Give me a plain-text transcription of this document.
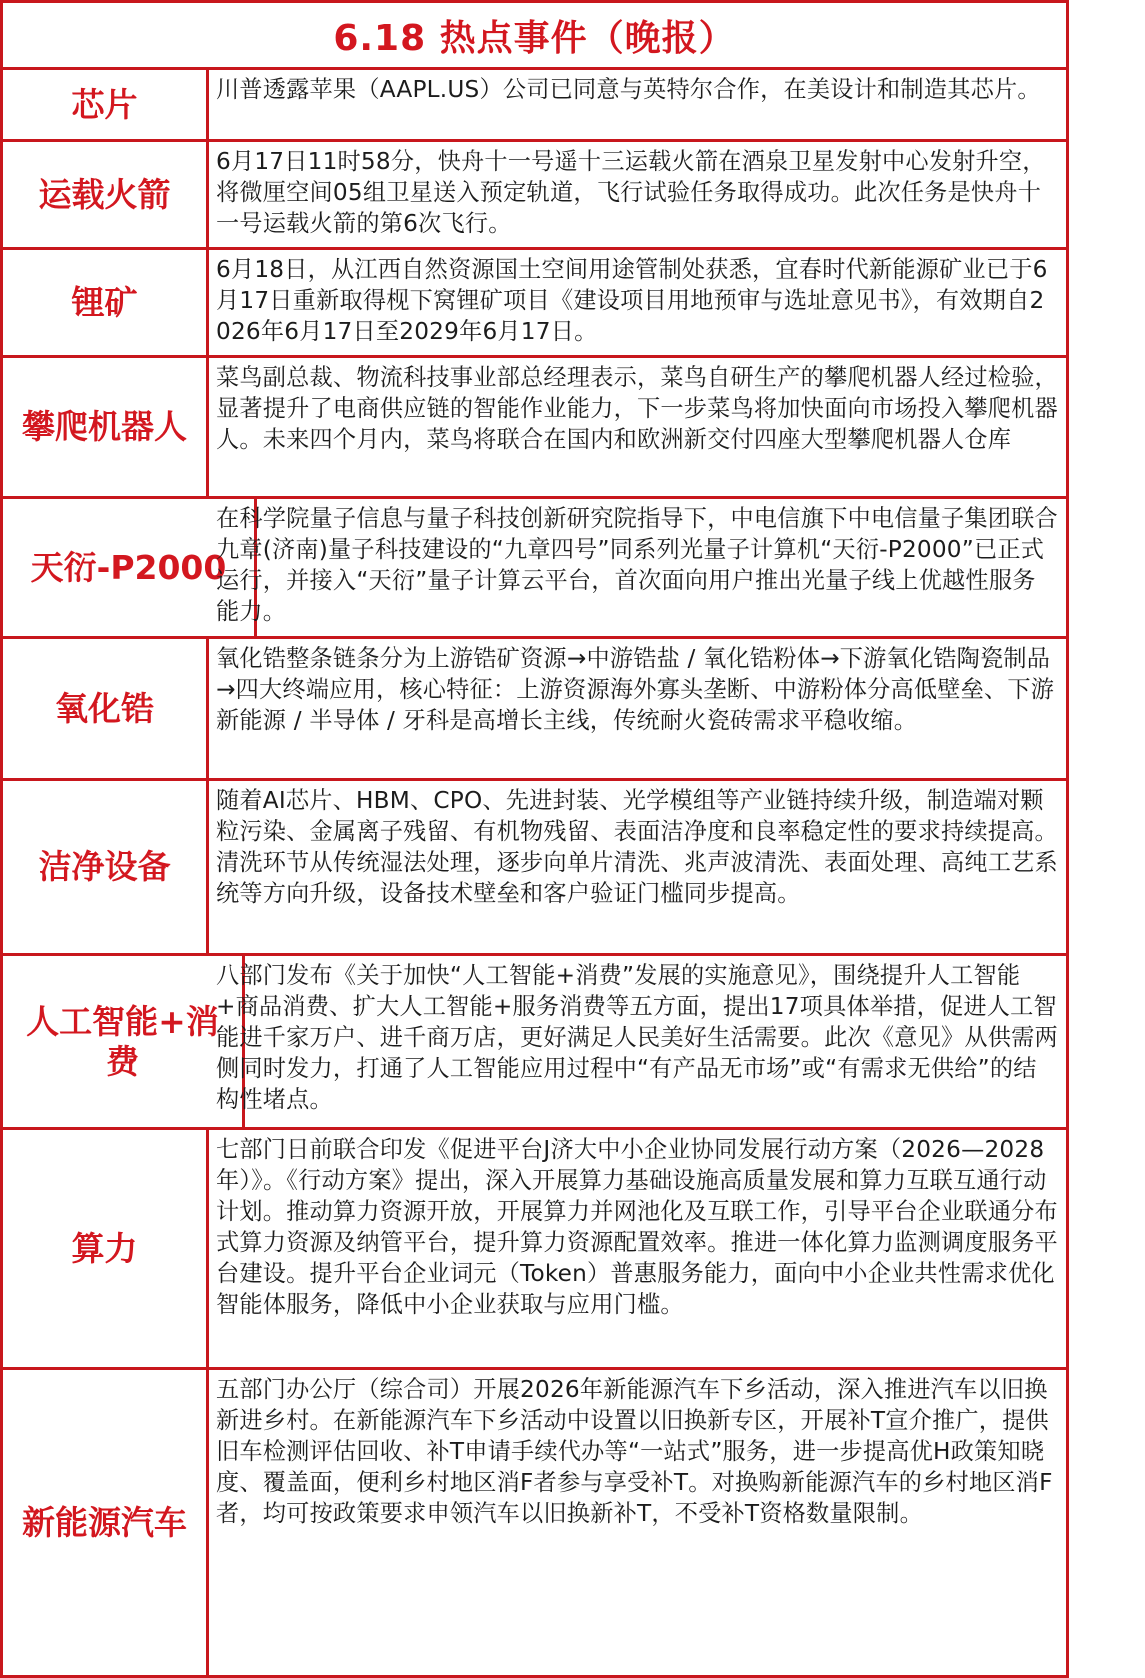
6.18 热点事件（晚报）
芯片	川普透露苹果（AAPL.US）公司已同意与英特尔合作，在美设计和制造其芯片。
运载火箭
6月17日11时58分，快舟十一号遥十三运载火箭在酒泉卫星发射中心发射升空，将微厘空间05组卫星送入预定轨道，飞行试验任务取得成功。此次任务是快舟十一号运载火箭的第6次飞行。
锂矿
6月18日，从江西自然资源国土空间用途管制处获悉，宜春时代新能源矿业已于6月17日重新取得枧下窝锂矿项目《建设项目用地预审与选址意见书》，有效期自2026年6月17日至2029年6月17日。
攀爬机器人
菜鸟副总裁、物流科技事业部总经理表示，菜鸟自研生产的攀爬机器人经过检验，显著提升了电商供应链的智能作业能力，下一步菜鸟将加快面向市场投入攀爬机器人。未来四个月内，菜鸟将联合在国内和欧洲新交付四座大型攀爬机器人仓库
天衍-P2000
在科学院量子信息与量子科技创新研究院指导下，中电信旗下中电信量子集团联合九章(济南)量子科技建设的“九章四号”同系列光量子计算机“天衍-P2000”已正式运行，并接入“天衍”量子计算云平台，首次面向用户推出光量子线上优越性服务能力。
氧化锆
氧化锆整条链条分为上游锆矿资源→中游锆盐 / 氧化锆粉体→下游氧化锆陶瓷制品→四大终端应用，核心特征：上游资源海外寡头垄断、中游粉体分高低壁垒、下游新能源 / 半导体 / 牙科是高增长主线，传统耐火瓷砖需求平稳收缩。
洁净设备
随着AI芯片、HBM、CPO、先进封装、光学模组等产业链持续升级，制造端对颗粒污染、金属离子残留、有机物残留、表面洁净度和良率稳定性的要求持续提高。清洗环节从传统湿法处理，逐步向单片清洗、兆声波清洗、表面处理、高纯工艺系统等方向升级，设备技术壁垒和客户验证门槛同步提高。
人工智能+消费
八部门发布《关于加快“人工智能+消费”发展的实施意见》，围绕提升人工智能+商品消费、扩大人工智能+服务消费等五方面，提出17项具体举措，促进人工智能进千家万户、进千商万店，更好满足人民美好生活需要。此次《意见》从供需两侧同时发力，打通了人工智能应用过程中“有产品无市场”或“有需求无供给”的结构性堵点。
算力
七部门日前联合印发《促进平台J济大中小企业协同发展行动方案（2026—2028年）》。《行动方案》提出，深入开展算力基础设施高质量发展和算力互联互通行动计划。推动算力资源开放，开展算力并网池化及互联工作，引导平台企业联通分布式算力资源及纳管平台，提升算力资源配置效率。推进一体化算力监测调度服务平台建设。提升平台企业词元（Token）普惠服务能力，面向中小企业共性需求优化智能体服务，降低中小企业获取与应用门槛。
新能源汽车
五部门办公厅（综合司）开展2026年新能源汽车下乡活动，深入推进汽车以旧换新进乡村。在新能源汽车下乡活动中设置以旧换新专区，开展补T宣介推广，提供旧车检测评估回收、补T申请手续代办等“一站式”服务，进一步提高优H政策知晓度、覆盖面，便利乡村地区消F者参与享受补T。对换购新能源汽车的乡村地区消F者，均可按政策要求申领汽车以旧换新补T，不受补T资格数量限制。
